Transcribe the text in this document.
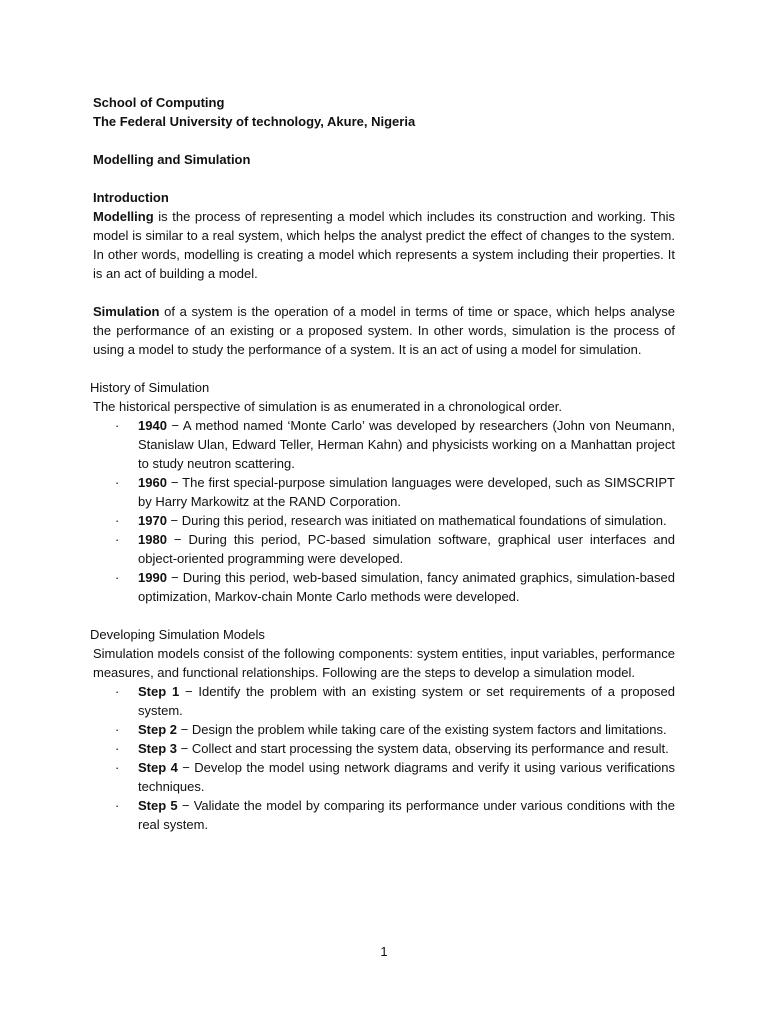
School of Computing

The Federal University of technology, Akure, Nigeria

Modelling and Simulation

Introduction

Modelling is the process of representing a model which includes its construction and working. This model is similar to a real system, which helps the analyst predict the effect of changes to the system. In other words, modelling is creating a model which represents a system including their properties. It is an act of building a model.

Simulation of a system is the operation of a model in terms of time or space, which helps analyse the performance of an existing or a proposed system. In other words, simulation is the process of using a model to study the performance of a system. It is an act of using a model for simulation.

History of Simulation

The historical perspective of simulation is as enumerated in a chronological order.

· 1940 − A method named ‘Monte Carlo’ was developed by researchers (John von Neumann, Stanislaw Ulan, Edward Teller, Herman Kahn) and physicists working on a Manhattan project to study neutron scattering.
· 1960 − The first special-purpose simulation languages were developed, such as SIMSCRIPT by Harry Markowitz at the RAND Corporation.
· 1970 − During this period, research was initiated on mathematical foundations of simulation.
· 1980 − During this period, PC-based simulation software, graphical user interfaces and object-oriented programming were developed.
· 1990 − During this period, web-based simulation, fancy animated graphics, simulation-based optimization, Markov-chain Monte Carlo methods were developed.

Developing Simulation Models

Simulation models consist of the following components: system entities, input variables, performance measures, and functional relationships. Following are the steps to develop a simulation model.

· Step 1 − Identify the problem with an existing system or set requirements of a proposed system.
· Step 2 − Design the problem while taking care of the existing system factors and limitations.
· Step 3 − Collect and start processing the system data, observing its performance and result.
· Step 4 − Develop the model using network diagrams and verify it using various verifications techniques.
· Step 5 − Validate the model by comparing its performance under various conditions with the real system.
1
